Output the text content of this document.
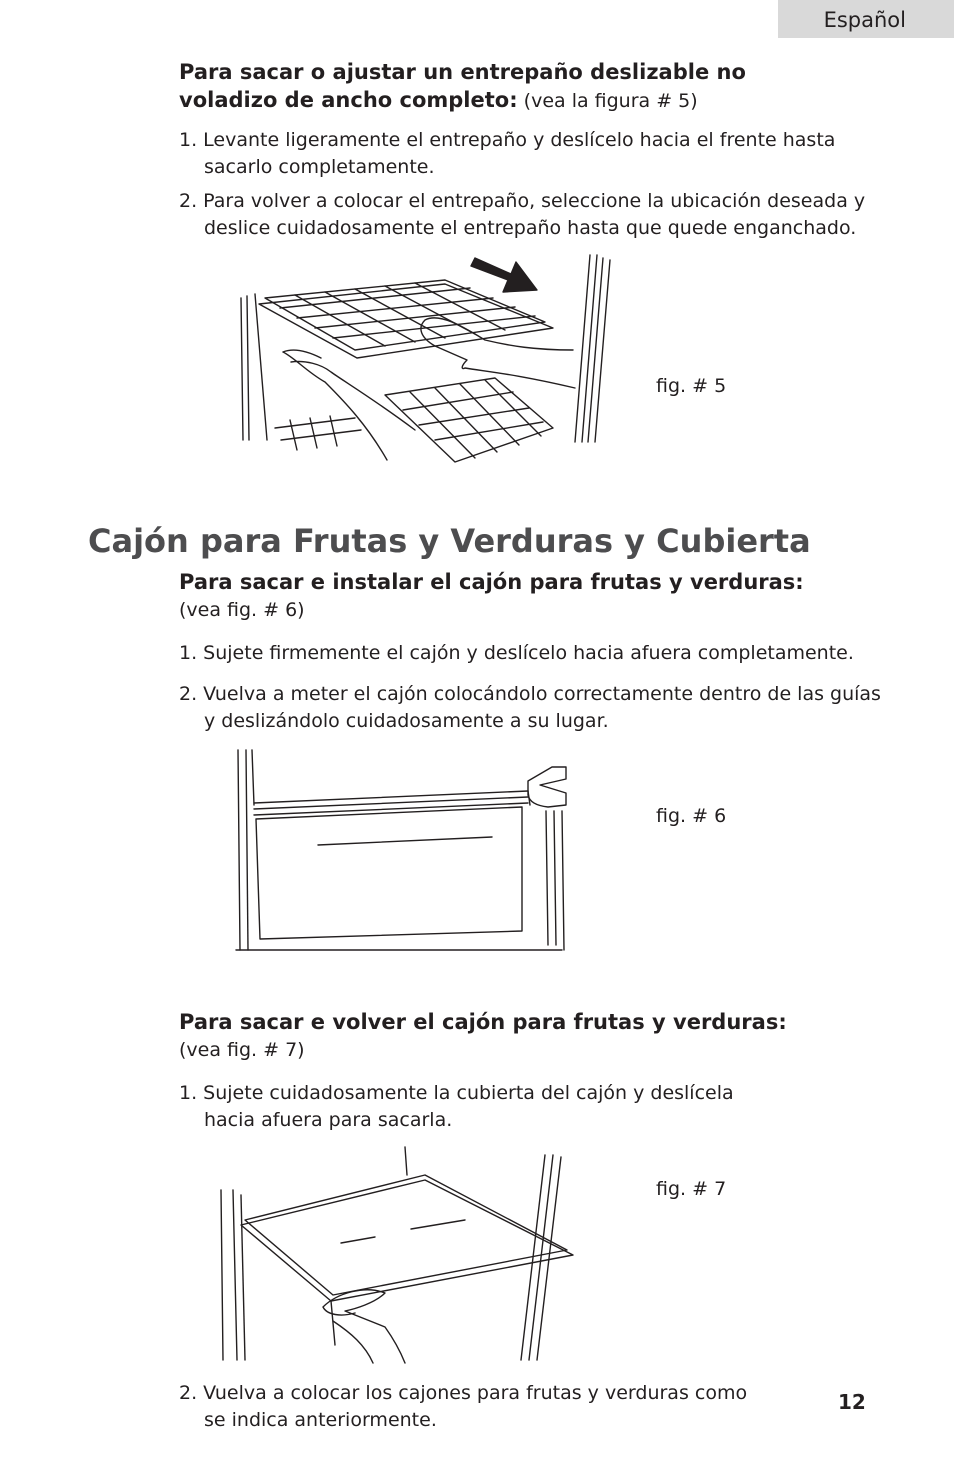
Español

Para sacar o ajustar un entrepaño deslizable no voladizo de ancho completo: (vea la figura # 5)

1. Levante ligeramente el entrepaño y deslícelo hacia el frente hasta sacarlo completamente.

2. Para volver a colocar el entrepaño, seleccione la ubicación deseada y deslice cuidadosamente el entrepaño hasta que quede enganchado.

fig. # 5
Cajón para Frutas y Verduras y Cubierta

Para sacar e instalar el cajón para frutas y verduras:
(vea fig. # 6)

1. Sujete firmemente el cajón y deslícelo hacia afuera completamente.

2. Vuelva a meter el cajón colocándolo correctamente dentro de las guías y deslizándolo cuidadosamente a su lugar.

fig. # 6

Para sacar e volver el cajón para frutas y verduras:
(vea fig. # 7)

1. Sujete cuidadosamente la cubierta del cajón y deslícela hacia afuera para sacarla.

fig. # 7

2. Vuelva a colocar los cajones para frutas y verduras como se indica anteriormente.

12
